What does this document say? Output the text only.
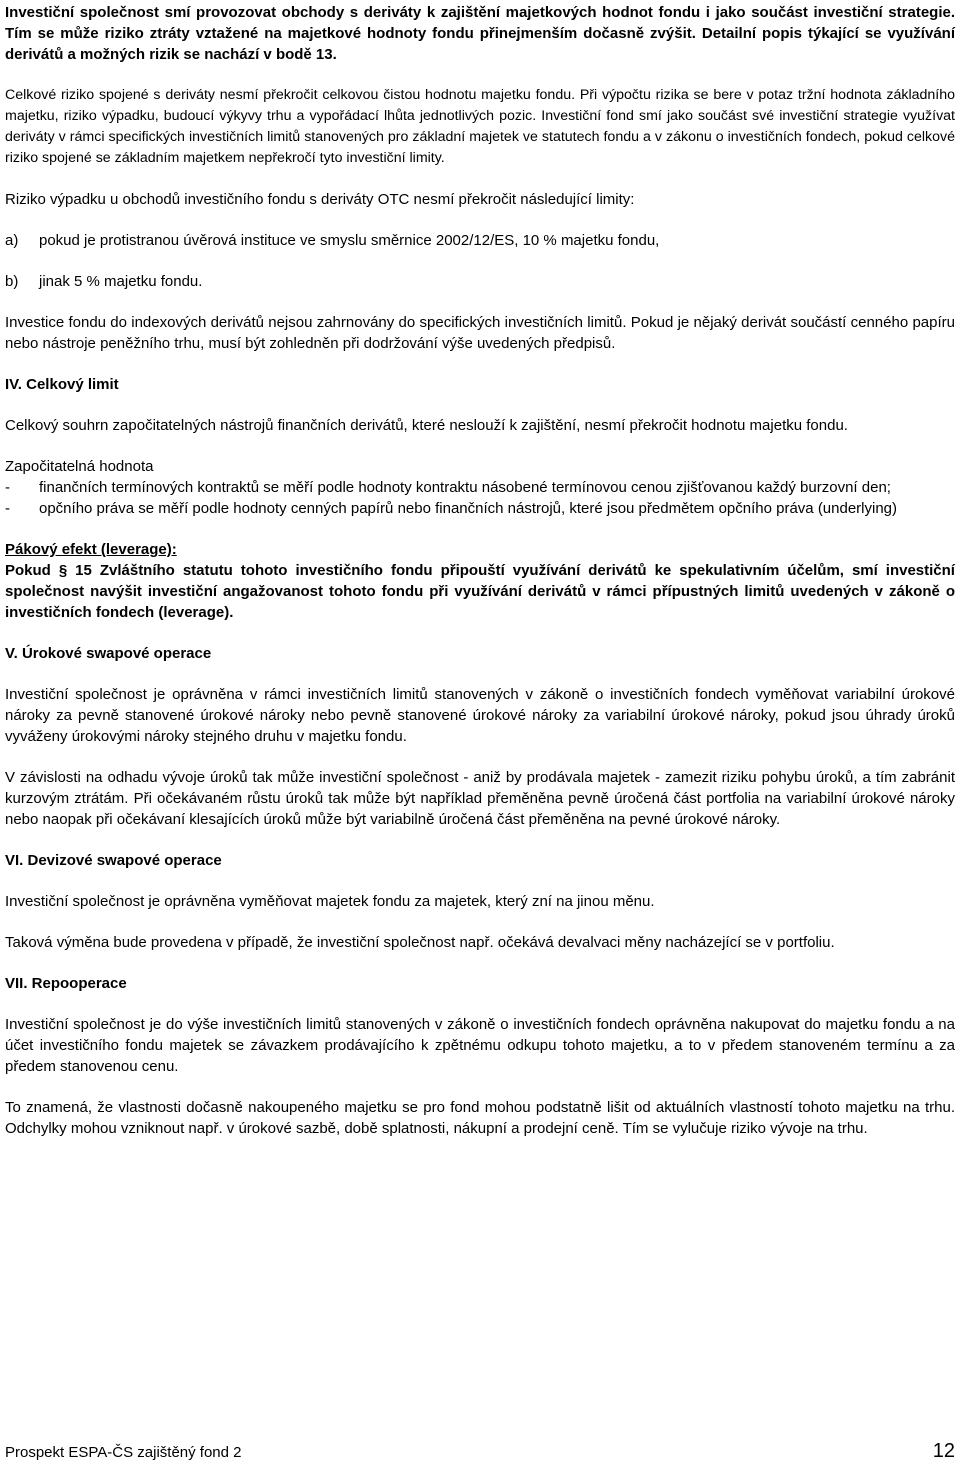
Investiční společnost smí provozovat obchody s deriváty k zajištění majetkových hodnot fondu i jako součást investiční strategie. Tím se může riziko ztráty vztažené na majetkové hodnoty fondu přinejmenším dočasně zvýšit. Detailní popis týkající se využívání derivátů a možných rizik se nachází v bodě 13.

Celkové riziko spojené s deriváty nesmí překročit celkovou čistou hodnotu majetku fondu. Při výpočtu rizika se bere v potaz tržní hodnota základního majetku, riziko výpadku, budoucí výkyvy trhu a vypořádací lhůta jednotlivých pozic. Investiční fond smí jako součást své investiční strategie využívat deriváty v rámci specifických investičních limitů stanovených pro základní majetek ve statutech fondu a v zákonu o investičních fondech, pokud celkové riziko spojené se základním majetkem nepřekročí tyto investiční limity.

Riziko výpadku u obchodů investičního fondu s deriváty OTC nesmí překročit následující limity:

a)	pokud je protistranou úvěrová instituce ve smyslu směrnice 2002/12/ES, 10 % majetku fondu,
b)	jinak 5 % majetku fondu.

Investice fondu do indexových derivátů nejsou zahrnovány do specifických investičních limitů. Pokud je nějaký derivát součástí cenného papíru nebo nástroje peněžního trhu, musí být zohledněn při dodržování výše uvedených předpisů.

IV. Celkový limit

Celkový souhrn započitatelných nástrojů finančních derivátů, které neslouží k zajištění, nesmí překročit hodnotu majetku fondu.

Započitatelná hodnota

-	finančních termínových kontraktů se měří podle hodnoty kontraktu násobené termínovou cenou zjišťovanou každý burzovní den;
-	opčního práva se měří podle hodnoty cenných papírů nebo finančních nástrojů, které jsou předmětem opčního práva (underlying)

Pákový efekt (leverage):

Pokud § 15 Zvláštního statutu tohoto investičního fondu připouští využívání derivátů ke spekulativním účelům, smí investiční společnost navýšit investiční angažovanost tohoto fondu při využívání derivátů v rámci přípustných limitů uvedených v zákoně o investičních fondech (leverage).

V. Úrokové swapové operace

Investiční společnost je oprávněna v rámci investičních limitů stanovených v zákoně o investičních fondech vyměňovat variabilní úrokové nároky za pevně stanovené úrokové nároky nebo pevně stanovené úrokové nároky za variabilní úrokové nároky, pokud jsou úhrady úroků vyváženy úrokovými nároky stejného druhu v majetku fondu.

V závislosti na odhadu vývoje úroků tak může investiční společnost - aniž by prodávala majetek - zamezit riziku pohybu úroků, a tím zabránit kurzovým ztrátám. Při očekávaném růstu úroků tak může být například přeměněna pevně úročená část portfolia na variabilní úrokové nároky nebo naopak při očekávaní klesajících úroků může být variabilně úročená část přeměněna na pevné úrokové nároky.

VI. Devizové swapové operace

Investiční společnost je oprávněna vyměňovat majetek fondu za majetek, který zní na jinou měnu.

Taková výměna bude provedena v případě, že investiční společnost např. očekává devalvaci měny nacházející se v portfoliu.

VII. Repooperace

Investiční společnost je do výše investičních limitů stanovených v zákoně o investičních fondech oprávněna nakupovat do majetku fondu a na účet investičního fondu majetek se závazkem prodávajícího k zpětnému odkupu tohoto majetku, a to v předem stanoveném termínu a za předem stanovenou cenu.

To znamená, že vlastnosti dočasně nakoupeného majetku se pro fond mohou podstatně lišit od aktuálních vlastností tohoto majetku na trhu. Odchylky mohou vzniknout např. v úrokové sazbě, době splatnosti, nákupní a prodejní ceně. Tím se vylučuje riziko vývoje na trhu.

Prospekt ESPA-ČS zajištěný fond 2	12
